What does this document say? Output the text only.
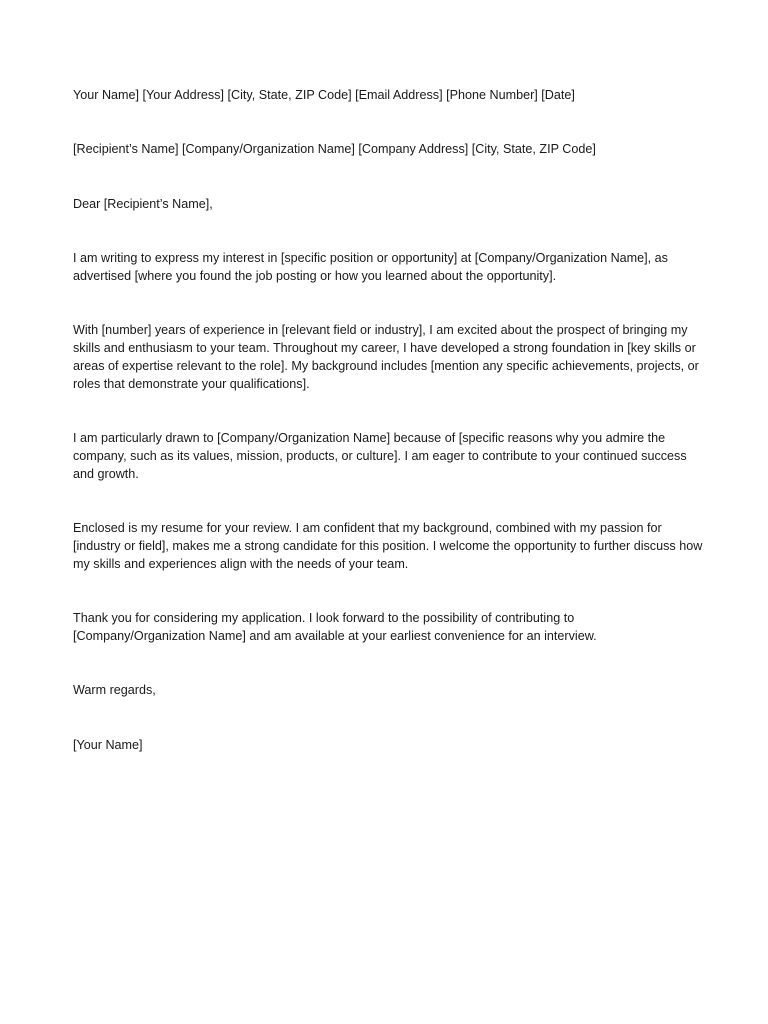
Your Name] [Your Address] [City, State, ZIP Code] [Email Address] [Phone Number] [Date]

[Recipient’s Name] [Company/Organization Name] [Company Address] [City, State, ZIP Code]

Dear [Recipient’s Name],

I am writing to express my interest in [specific position or opportunity] at [Company/Organization Name], as advertised [where you found the job posting or how you learned about the opportunity].

With [number] years of experience in [relevant field or industry], I am excited about the prospect of bringing my skills and enthusiasm to your team. Throughout my career, I have developed a strong foundation in [key skills or areas of expertise relevant to the role]. My background includes [mention any specific achievements, projects, or roles that demonstrate your qualifications].

I am particularly drawn to [Company/Organization Name] because of [specific reasons why you admire the company, such as its values, mission, products, or culture]. I am eager to contribute to your continued success and growth.

Enclosed is my resume for your review. I am confident that my background, combined with my passion for [industry or field], makes me a strong candidate for this position. I welcome the opportunity to further discuss how my skills and experiences align with the needs of your team.

Thank you for considering my application. I look forward to the possibility of contributing to [Company/Organization Name] and am available at your earliest convenience for an interview.

Warm regards,

[Your Name]
